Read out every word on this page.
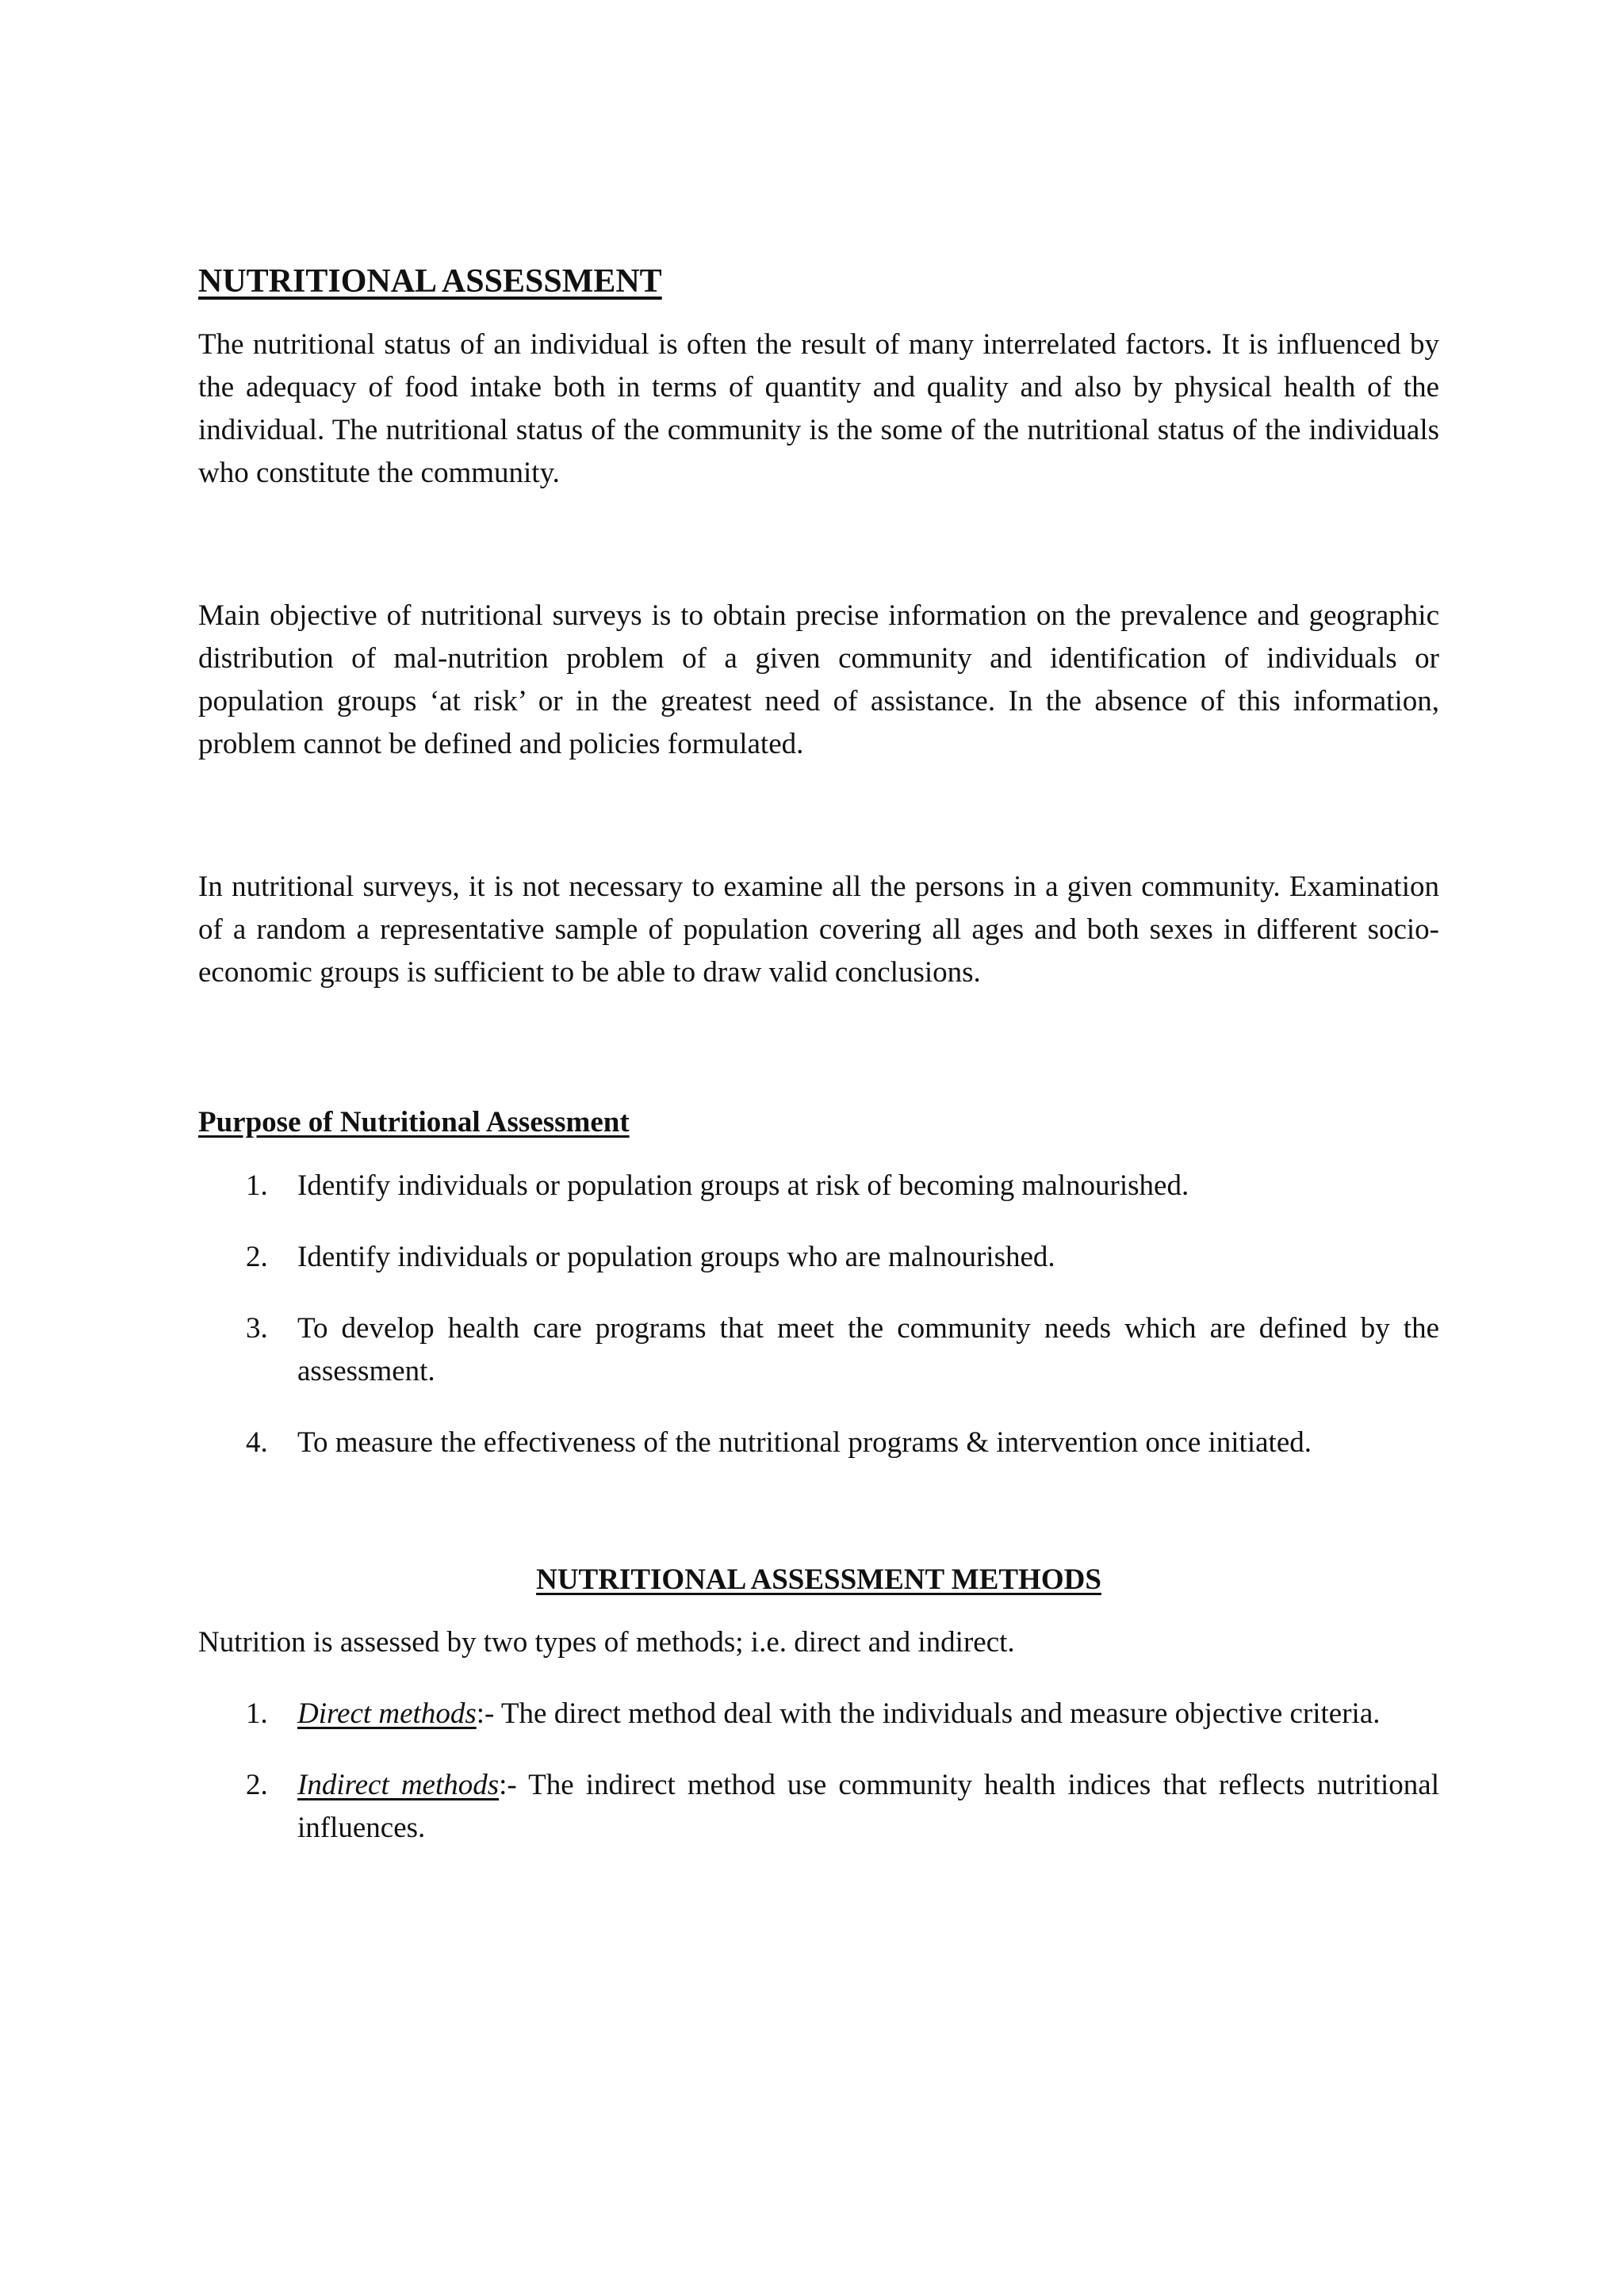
NUTRITIONAL ASSESSMENT

The nutritional status of an individual is often the result of many interrelated factors. It is influenced by the adequacy of food intake both in terms of quantity and quality and also by physical health of the individual. The nutritional status of the community is the some of the nutritional status of the individuals who constitute the community.

Main objective of nutritional surveys is to obtain precise information on the prevalence and geographic distribution of mal-nutrition problem of a given community and identification of individuals or population groups ‘at risk’ or in the greatest need of assistance. In the absence of this information, problem cannot be defined and policies formulated.

In nutritional surveys, it is not necessary to examine all the persons in a given community. Examination of a random a representative sample of population covering all ages and both sexes in different socio-economic groups is sufficient to be able to draw valid conclusions.

Purpose of Nutritional Assessment
1. Identify individuals or population groups at risk of becoming malnourished.
2. Identify individuals or population groups who are malnourished.
3. To develop health care programs that meet the community needs which are defined by the assessment.
4. To measure the effectiveness of the nutritional programs & intervention once initiated.
NUTRITIONAL ASSESSMENT METHODS

Nutrition is assessed by two types of methods; i.e. direct and indirect.

1. Direct methods:- The direct method deal with the individuals and measure objective criteria.
2. Indirect methods:- The indirect method use community health indices that reflects nutritional influences.
